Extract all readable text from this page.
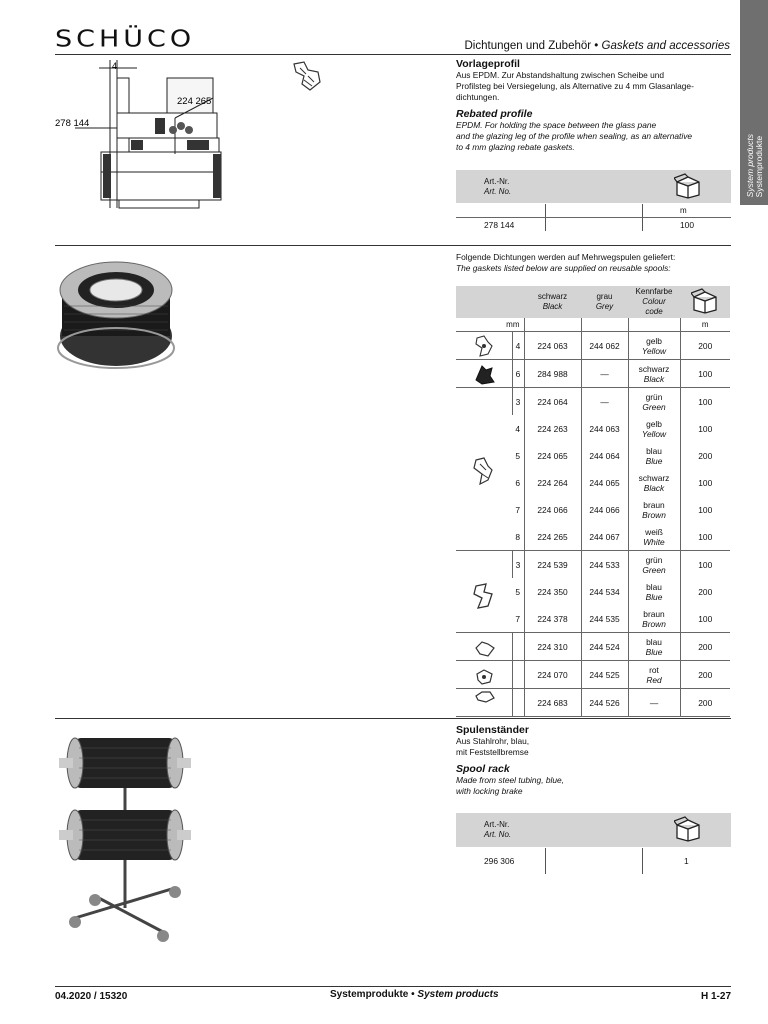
SCHÜCO	Dichtungen und Zubehör • Gaskets and accessories
System products Systemprodukte
4
278 144
224 265
Vorlageprofil
Aus EPDM. Zur Abstandshaltung zwischen Scheibe und
Profilsteg bei Versiegelung, als Alternative zu 4 mm Glasanlage-
dichtungen.
Rebated profile
EPDM. For holding the space between the glass pane
and the glazing leg of the profile when sealing, as an alternative
to 4 mm glazing rebate gaskets.
Art.-Nr.
Art. No.
m
278 144	100
Folgende Dichtungen werden auf Mehrwegspulen geliefert:
The gaskets listed below are supplied on reusable spools:
		schwarz
Black	grau
Grey	Kennfarbe
Colour
code

mm					m
	4	224 063	244 062	gelb
Yellow	200
	6	284 988	—	schwarz
Black	100
	3	224 064	—	grün
Green	100
	4	224 263	244 063	gelb
Yellow	100
	5	224 065	244 064	blau
Blue	200
	6	224 264	244 065	schwarz
Black	100
	7	224 066	244 066	braun
Brown	100
	8	224 265	244 067	weiß
White	100
	3	224 539	244 533	grün
Green	100
	5	224 350	244 534	blau
Blue	200
	7	224 378	244 535	braun
Brown	100
		224 310	244 524	blau
Blue	200
		224 070	244 525	rot
Red	200
		224 683	244 526	—	200
Spulenständer
Aus Stahlrohr, blau,
mit Feststellbremse
Spool rack
Made from steel tubing, blue,
with locking brake
Art.-Nr.
Art. No.
296 306	1
04.2020 / 15320	Systemprodukte • System products	H 1-27
